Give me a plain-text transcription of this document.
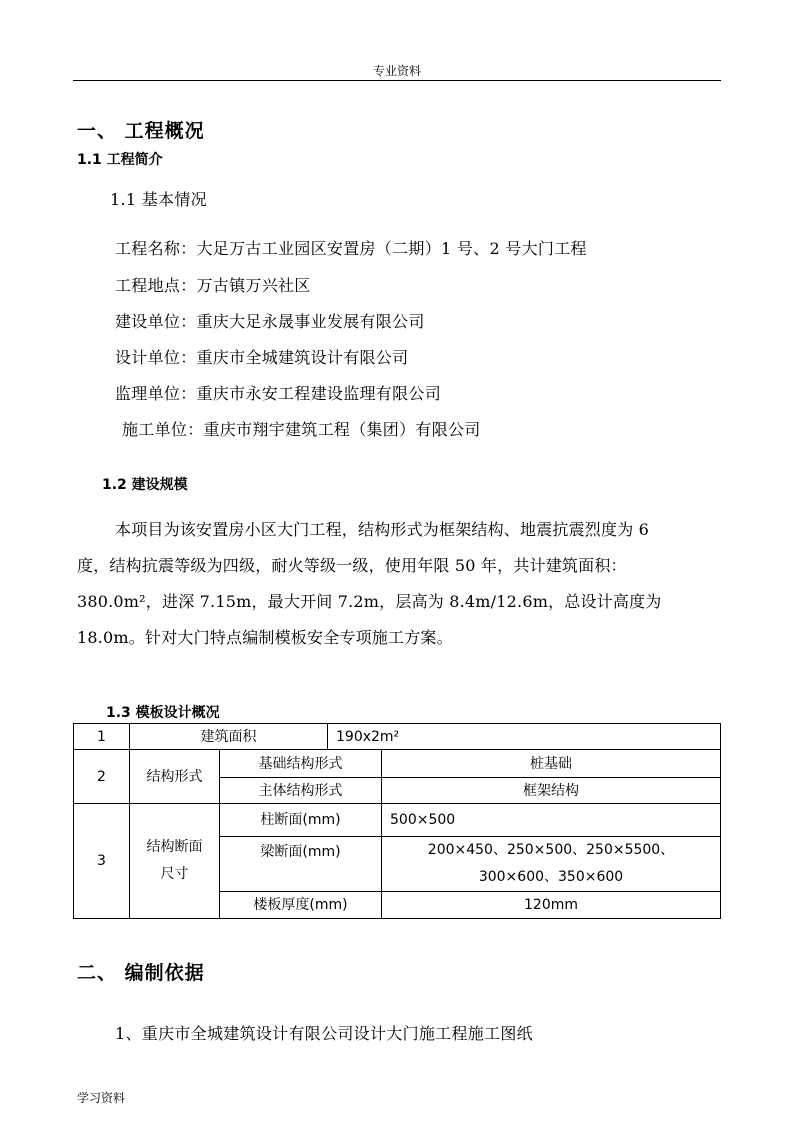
专业资料
一、 工程概况
1.1 工程简介
1.1 基本情况
工程名称：大足万古工业园区安置房（二期）1 号、2 号大门工程
工程地点：万古镇万兴社区
建设单位：重庆大足永晟事业发展有限公司
设计单位：重庆市全城建筑设计有限公司
监理单位：重庆市永安工程建设监理有限公司
施工单位：重庆市翔宇建筑工程（集团）有限公司
1.2 建设规模
本项目为该安置房小区大门工程，结构形式为框架结构、地震抗震烈度为 6
度，结构抗震等级为四级，耐火等级一级，使用年限 50 年，共计建筑面积：
380.0m²，进深 7.15m，最大开间 7.2m，层高为 8.4m/12.6m，总设计高度为
18.0m。针对大门特点编制模板安全专项施工方案。
1.3 模板设计概况
1	建筑面积		190x2m²	
2	结构形式	基础结构形式		桩基础
		主体结构形式		框架结构
3	结构断面
尺寸	柱断面(mm)		500×500
		梁断面(mm)		200×450、250×500、250×5500、
300×600、350×600

		楼板厚度(mm)		120mm
二、 编制依据
1、重庆市全城建筑设计有限公司设计大门施工程施工图纸
学习资料
